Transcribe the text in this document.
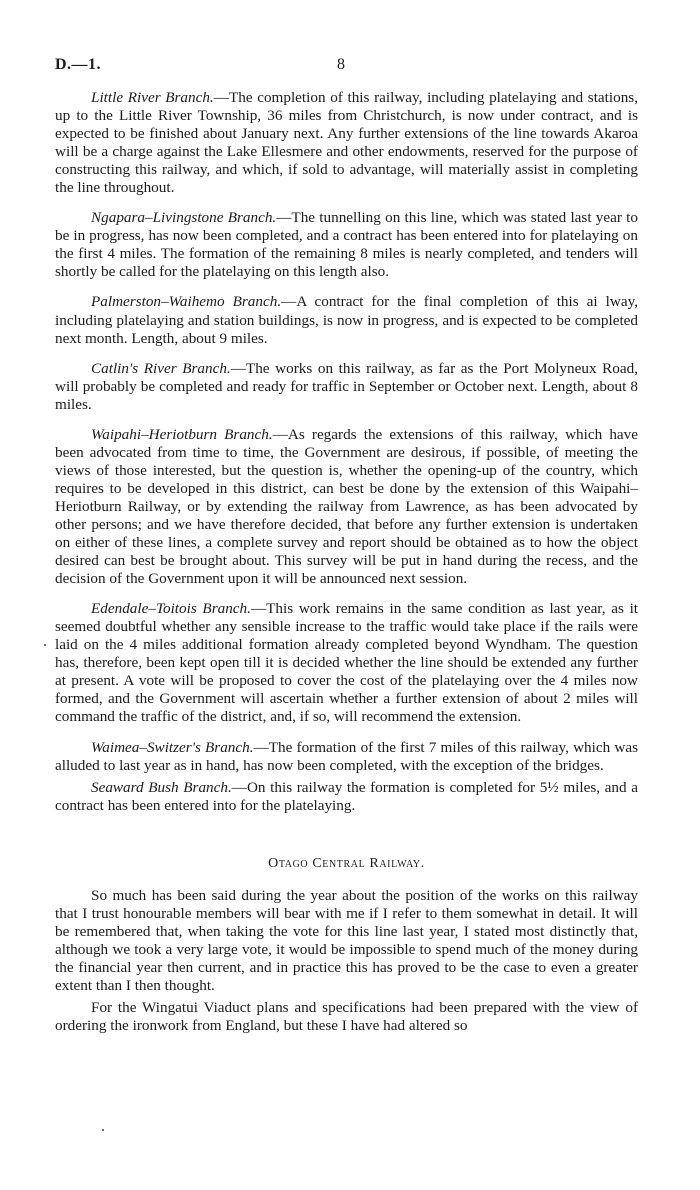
D.—1.	8

Little River Branch.—The completion of this railway, including platelaying and stations, up to the Little River Township, 36 miles from Christchurch, is now under contract, and is expected to be finished about January next. Any further extensions of the line towards Akaroa will be a charge against the Lake Ellesmere and other endowments, reserved for the purpose of constructing this railway, and which, if sold to advantage, will materially assist in completing the line throughout.

Ngapara–Livingstone Branch.—The tunnelling on this line, which was stated last year to be in progress, has now been completed, and a contract has been entered into for platelaying on the first 4 miles. The formation of the remaining 8 miles is nearly completed, and tenders will shortly be called for the platelaying on this length also.

Palmerston–Waihemo Branch.—A contract for the final completion of this ai lway, including platelaying and station buildings, is now in progress, and is expected to be completed next month. Length, about 9 miles.

Catlin's River Branch.—The works on this railway, as far as the Port Molyneux Road, will probably be completed and ready for traffic in September or October next. Length, about 8 miles.

Waipahi–Heriotburn Branch.—As regards the extensions of this railway, which have been advocated from time to time, the Government are desirous, if possible, of meeting the views of those interested, but the question is, whether the opening-up of the country, which requires to be developed in this district, can best be done by the extension of this Waipahi–Heriotburn Railway, or by extending the railway from Lawrence, as has been advocated by other persons; and we have therefore decided, that before any further extension is undertaken on either of these lines, a complete survey and report should be obtained as to how the object desired can best be brought about. This survey will be put in hand during the recess, and the decision of the Government upon it will be announced next session.

Edendale–Toitois Branch.—This work remains in the same condition as last year, as it seemed doubtful whether any sensible increase to the traffic would take place if the rails were laid on the 4 miles additional formation already completed beyond Wyndham. The question has, therefore, been kept open till it is decided whether the line should be extended any further at present. A vote will be proposed to cover the cost of the platelaying over the 4 miles now formed, and the Government will ascertain whether a further extension of about 2 miles will command the traffic of the district, and, if so, will recommend the extension.

Waimea–Switzer's Branch.—The formation of the first 7 miles of this railway, which was alluded to last year as in hand, has now been completed, with the exception of the bridges.

Seaward Bush Branch.—On this railway the formation is completed for 5½ miles, and a contract has been entered into for the platelaying.

Otago Central Railway.

So much has been said during the year about the position of the works on this railway that I trust honourable members will bear with me if I refer to them somewhat in detail. It will be remembered that, when taking the vote for this line last year, I stated most distinctly that, although we took a very large vote, it would be impossible to spend much of the money during the financial year then current, and in practice this has proved to be the case to even a greater extent than I then thought.

For the Wingatui Viaduct plans and specifications had been prepared with the view of ordering the ironwork from England, but these I have had altered so
